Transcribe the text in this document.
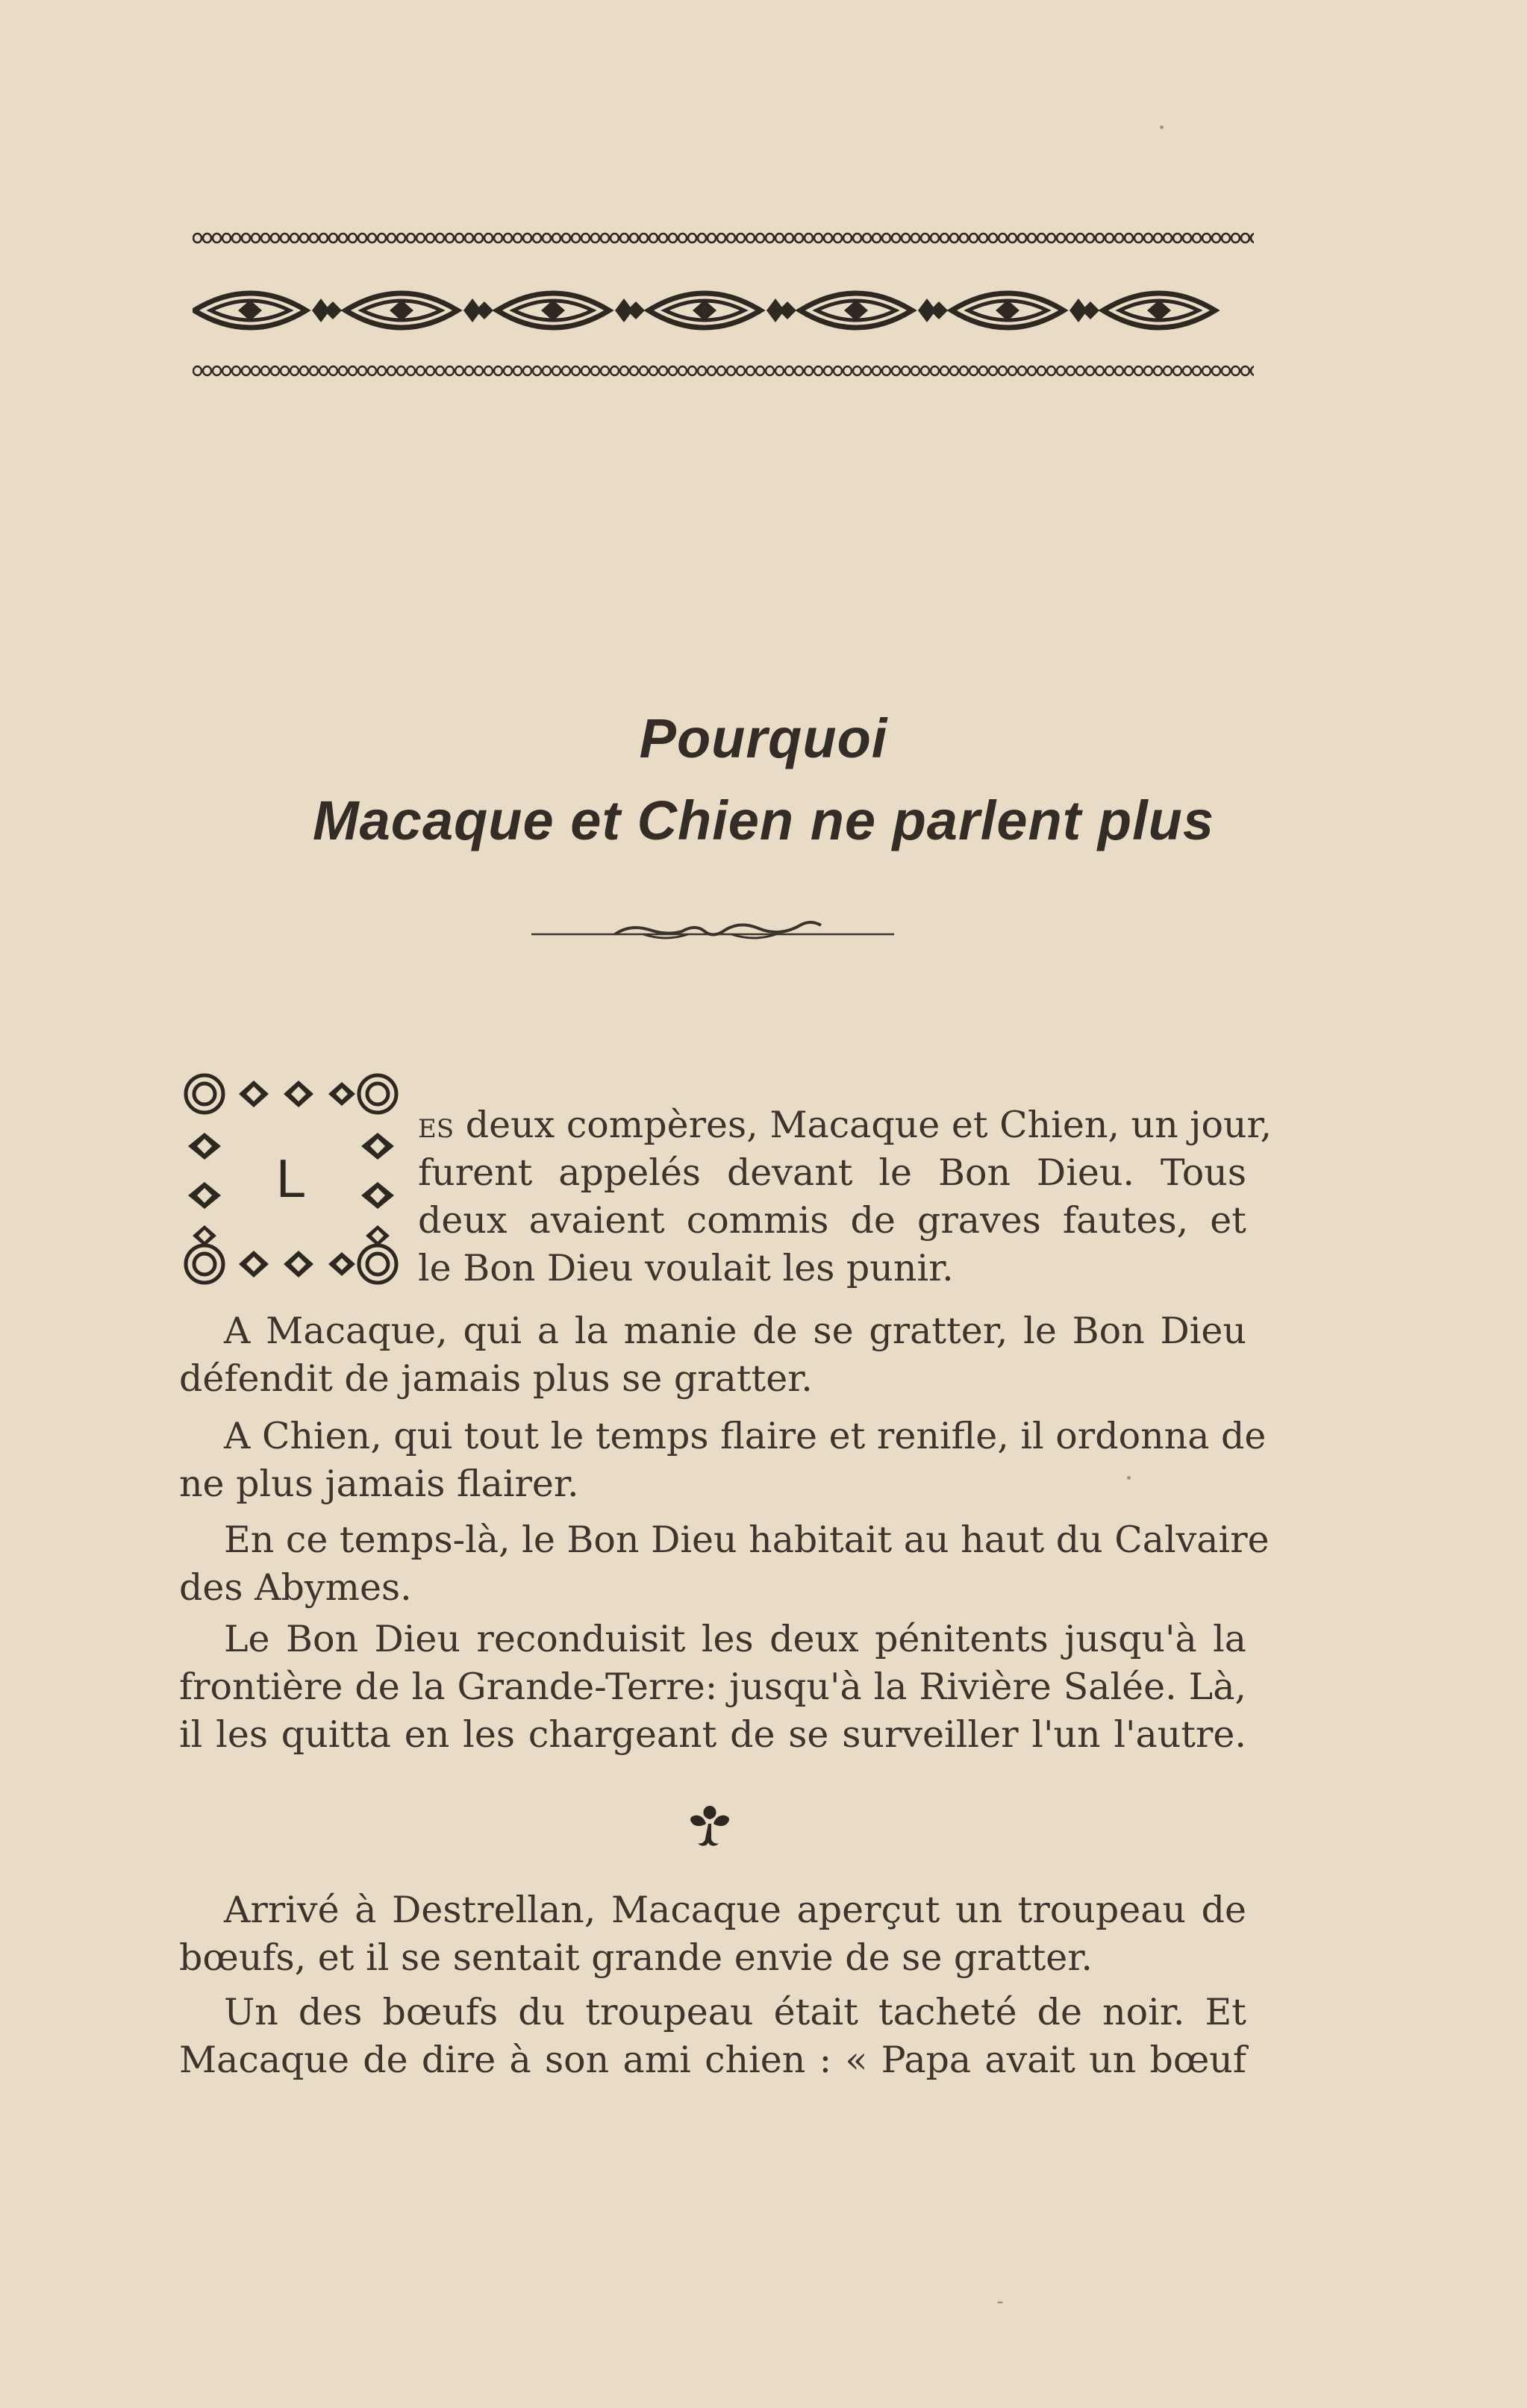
Pourquoi
Macaque et Chien ne parlent plus
L
es deux compères, Macaque et Chien, un jour,
furent appelés devant le Bon Dieu. Tous
deux avaient commis de graves fautes, et
le Bon Dieu voulait les punir.
A Macaque, qui a la manie de se gratter, le Bon Dieu
défendit de jamais plus se gratter.
A Chien, qui tout le temps flaire et renifle, il ordonna de
ne plus jamais flairer.
En ce temps-là, le Bon Dieu habitait au haut du Calvaire
des Abymes.
Le Bon Dieu reconduisit les deux pénitents jusqu'à la
frontière de la Grande-Terre: jusqu'à la Rivière Salée. Là,
il les quitta en les chargeant de se surveiller l'un l'autre.
Arrivé à Destrellan, Macaque aperçut un troupeau de
bœufs, et il se sentait grande envie de se gratter.
Un des bœufs du troupeau était tacheté de noir. Et
Macaque de dire à son ami chien : « Papa avait un bœuf
